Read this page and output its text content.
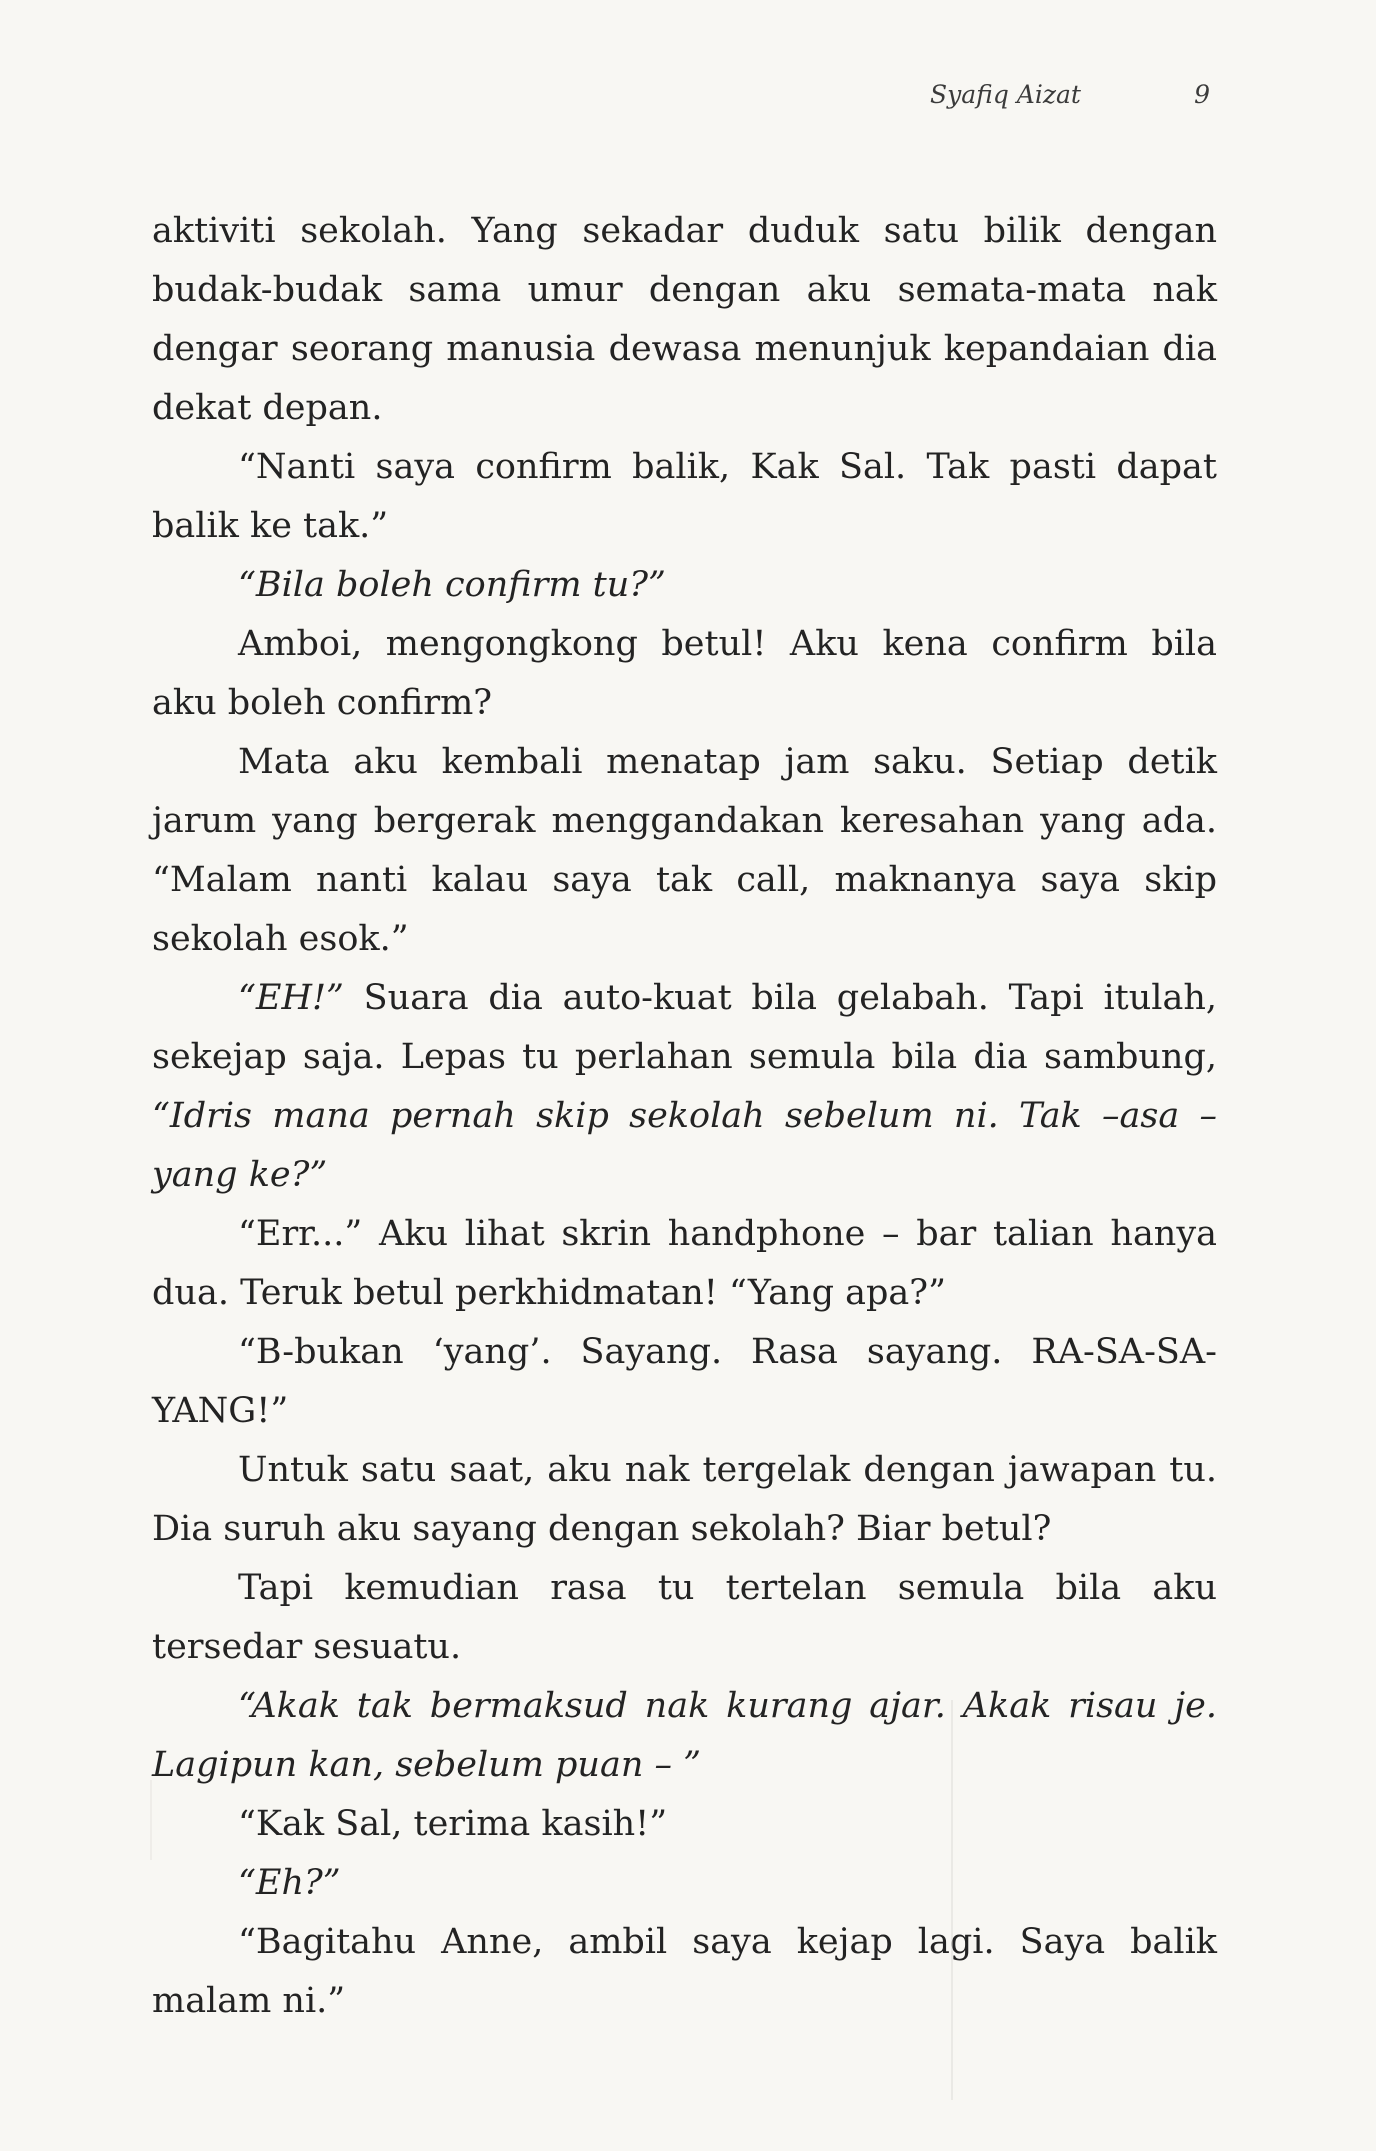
Syafiq Aizat	9

aktiviti sekolah. Yang sekadar duduk satu bilik dengan budak-budak sama umur dengan aku semata-mata nak dengar seorang manusia dewasa menunjuk kepandaian dia dekat depan.

“Nanti saya confirm balik, Kak Sal. Tak pasti dapat balik ke tak.”

“Bila boleh confirm tu?”

Amboi, mengongkong betul! Aku kena confirm bila aku boleh confirm?

Mata aku kembali menatap jam saku. Setiap detik jarum yang bergerak menggandakan keresahan yang ada. “Malam nanti kalau saya tak call, maknanya saya skip sekolah esok.”

“EH!” Suara dia auto-kuat bila gelabah. Tapi itulah, sekejap saja. Lepas tu perlahan semula bila dia sambung, “Idris mana pernah skip sekolah sebelum ni. Tak –asa – yang ke?”

“Err...” Aku lihat skrin handphone – bar talian hanya dua. Teruk betul perkhidmatan! “Yang apa?”

“B-bukan ‘yang’. Sayang. Rasa sayang. RA-SA-SA-YANG!”

Untuk satu saat, aku nak tergelak dengan jawapan tu. Dia suruh aku sayang dengan sekolah? Biar betul?

Tapi kemudian rasa tu tertelan semula bila aku tersedar sesuatu.

“Akak tak bermaksud nak kurang ajar. Akak risau je. Lagipun kan, sebelum puan – ”

“Kak Sal, terima kasih!”

“Eh?”

“Bagitahu Anne, ambil saya kejap lagi. Saya balik malam ni.”
